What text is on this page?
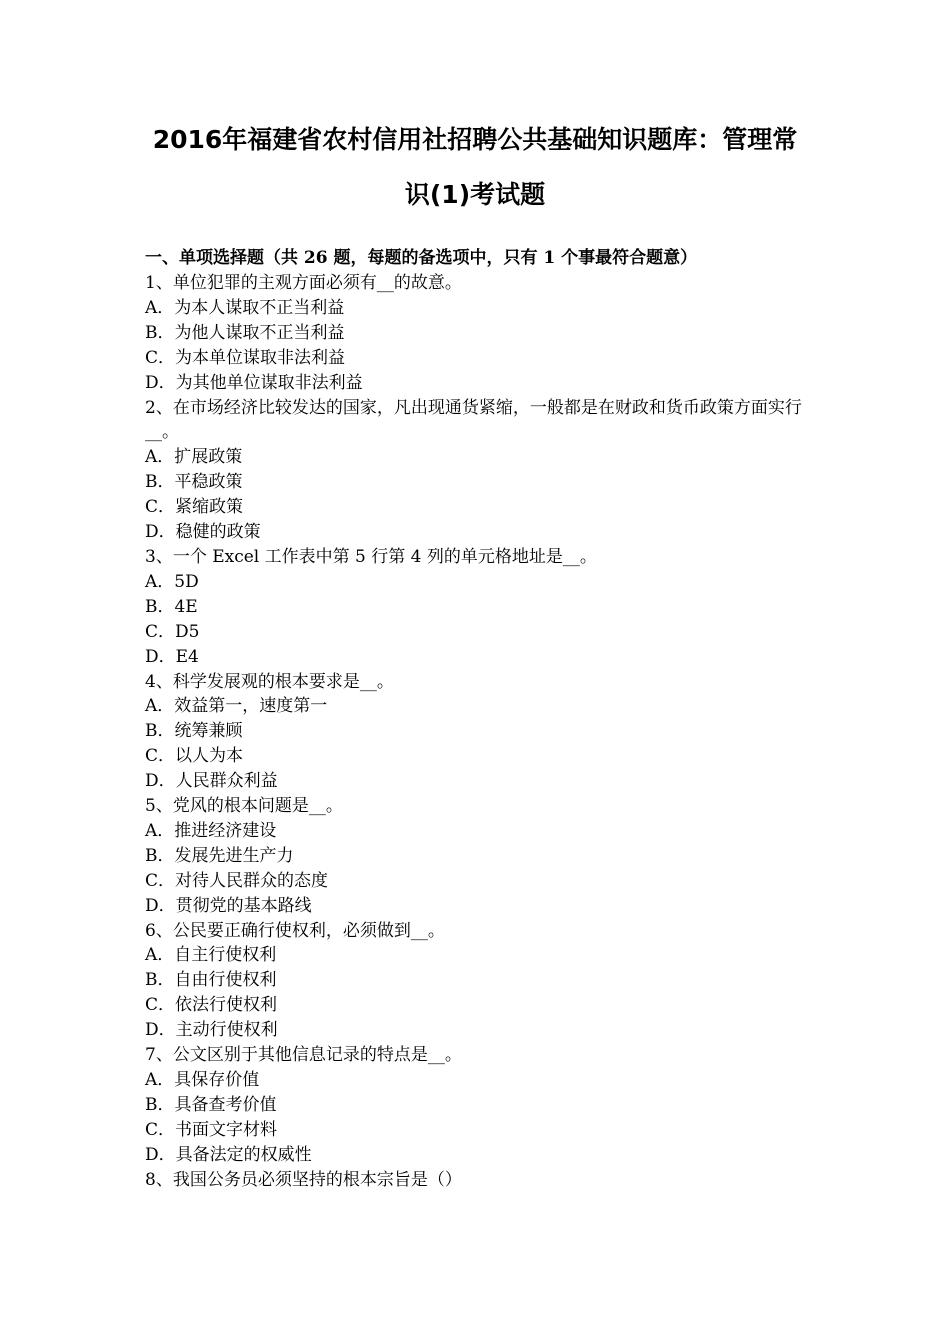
2016年福建省农村信用社招聘公共基础知识题库：管理常
识(1)考试题
一、单项选择题（共 26 题，每题的备选项中，只有 1 个事最符合题意）

1、单位犯罪的主观方面必须有__的故意。

A．为本人谋取不正当利益

B．为他人谋取不正当利益

C．为本单位谋取非法利益

D．为其他单位谋取非法利益

2、在市场经济比较发达的国家，凡出现通货紧缩，一般都是在财政和货币政策方面实行__。

A．扩展政策

B．平稳政策

C．紧缩政策

D．稳健的政策

3、一个 Excel 工作表中第 5 行第 4 列的单元格地址是__。

A．5D

B．4E

C．D5

D．E4

4、科学发展观的根本要求是__。

A．效益第一，速度第一

B．统筹兼顾

C．以人为本

D．人民群众利益

5、党风的根本问题是__。

A．推进经济建设

B．发展先进生产力

C．对待人民群众的态度

D．贯彻党的基本路线

6、公民要正确行使权利，必须做到__。

A．自主行使权利

B．自由行使权利

C．依法行使权利

D．主动行使权利

7、公文区别于其他信息记录的特点是__。

A．具保存价值

B．具备查考价值

C．书面文字材料

D．具备法定的权威性

8、我国公务员必须坚持的根本宗旨是（）
